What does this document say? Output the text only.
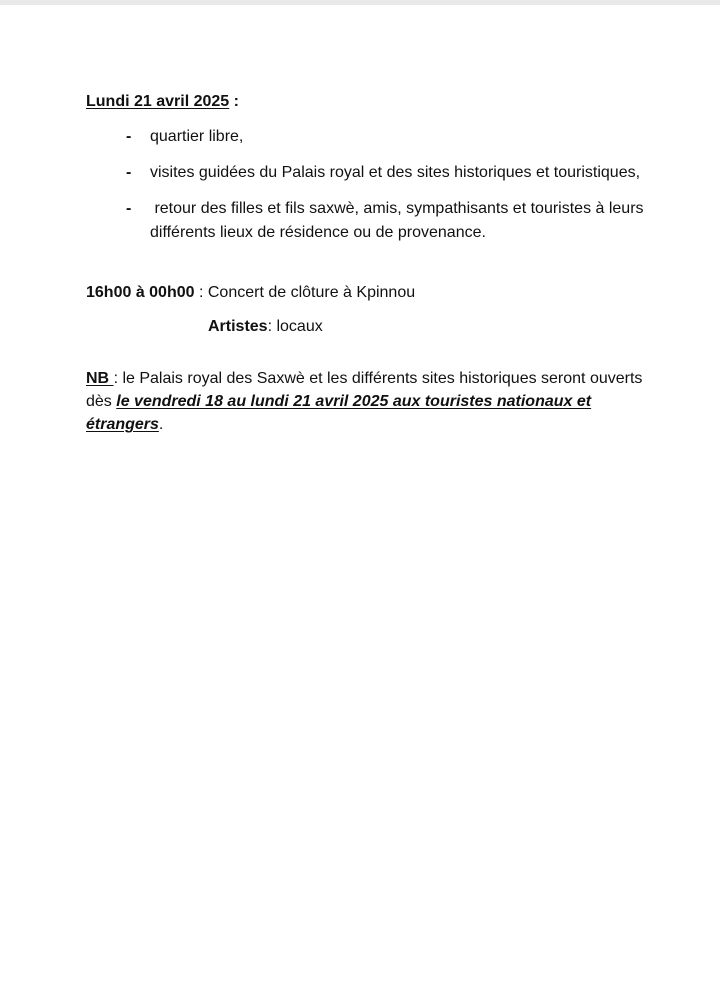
Lundi 21 avril 2025 :
- quartier libre,
- visites guidées du Palais royal et des sites historiques et touristiques,
- retour des filles et fils saxwè, amis, sympathisants et touristes à leurs différents lieux de résidence ou de provenance.
16h00 à 00h00 : Concert de clôture à Kpinnou
Artistes: locaux
NB : le Palais royal des Saxwè et les différents sites historiques seront ouverts dès le vendredi 18 au lundi 21 avril 2025 aux touristes nationaux et étrangers.
